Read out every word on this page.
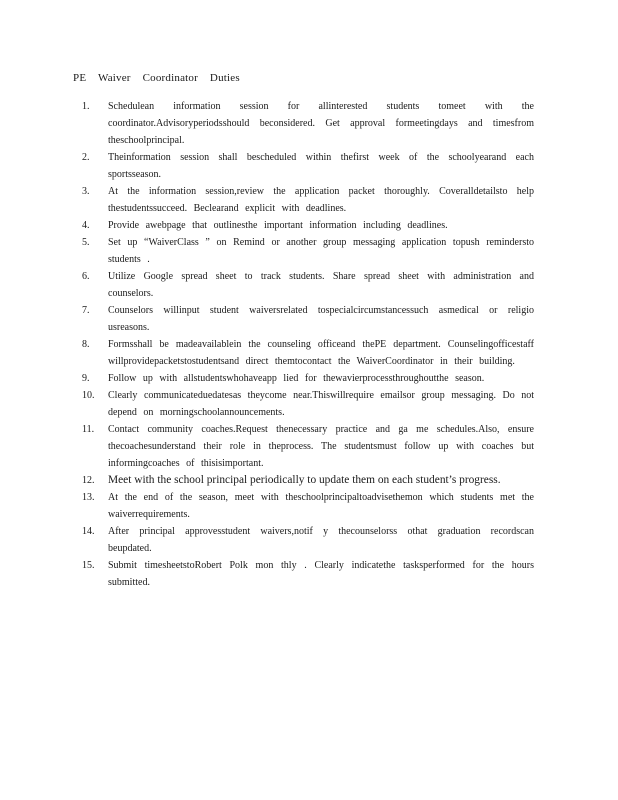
PE Waiver Coordinator Duties
1.	Schedulean information session for allinterested students tomeet with the coordinator.Advisoryperiodsshould beconsidered. Get approval formeetingdays and timesfrom theschoolprincipal.
2.	Theinformation session shall bescheduled within thefirst week of the schoolyearand each sportsseason.
3.	At the information session,review the application packet thoroughly. Coveralldetailsto help thestudentssucceed. Beclearand explicit with deadlines.
4.	Provide awebpage that outlinesthe important information including deadlines.
5.	Set up “WaiverClass ” on Remind or another group messaging application topush remindersto students .
6.	Utilize Google spread sheet to track students. Share spread sheet with administration and counselors.
7.	Counselors willinput student waiversrelated tospecialcircumstancessuch asmedical or religio usreasons.
8.	Formsshall be madeavailablein the counseling officeand thePE department. Counselingofficestaff willprovidepacketstostudentsand direct themtocontact the WaiverCoordinator in their building.
9.	Follow up with allstudentswhohaveapp lied for thewavierprocessthroughoutthe season.
10.	Clearly communicateduedatesas theycome near.Thiswillrequire emailsor group messaging. Do not depend on morningschoolannouncements.
11.	Contact community coaches.Request thenecessary practice and ga me schedules.Also, ensure thecoachesunderstand their role in theprocess. The studentsmust follow up with coaches but informingcoaches of thisisimportant.
12.	Meet with the school principal periodically to update them on each student’s progress.
13.	At the end of the season, meet with theschoolprincipaltoadvisethemon which students met the waiverrequirements.
14.	After principal approvesstudent waivers,notif y thecounselorss othat graduation recordscan beupdated.
15.	Submit timesheetstoRobert Polk mon thly . Clearly indicatethe tasksperformed for the hours submitted.
